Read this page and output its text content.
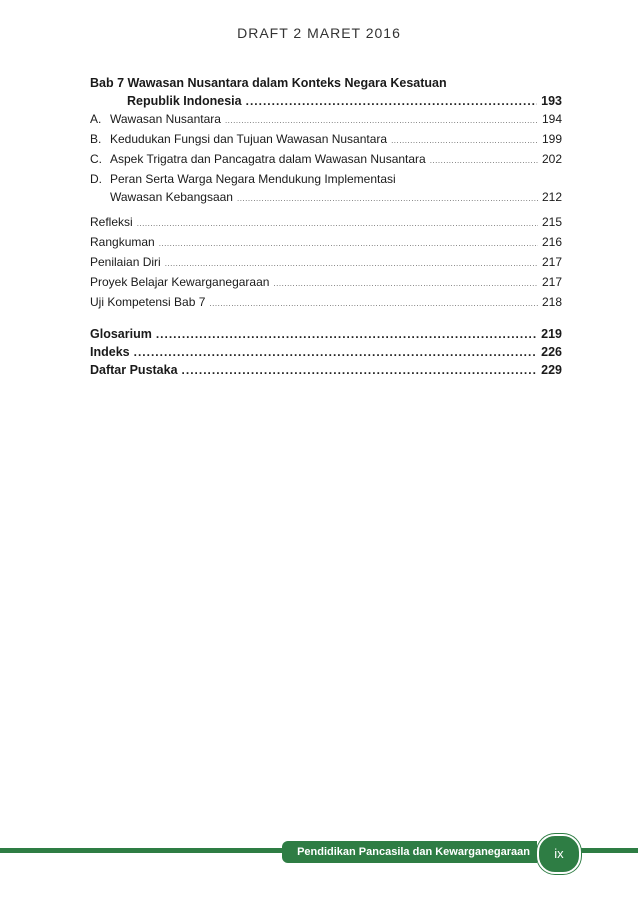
DRAFT 2 MARET 2016
Bab 7 Wawasan Nusantara dalam Konteks Negara Kesatuan
Republik Indonesia .....	193
A. Wawasan Nusantara .....	194
B. Kedudukan Fungsi dan Tujuan Wawasan Nusantara .....	199
C. Aspek Trigatra dan Pancagatra dalam Wawasan Nusantara .....	202
D. Peran Serta Warga Negara Mendukung Implementasi
Wawasan Kebangsaan .....	212
Refleksi .....	215
Rangkuman .....	216
Penilaian Diri .....	217
Proyek Belajar Kewarganegaraan .....	217
Uji Kompetensi Bab 7 .....	218
Glosarium .....	219
Indeks .....	226
Daftar Pustaka .....	229
Pendidikan Pancasila dan Kewarganegaraan	ix
